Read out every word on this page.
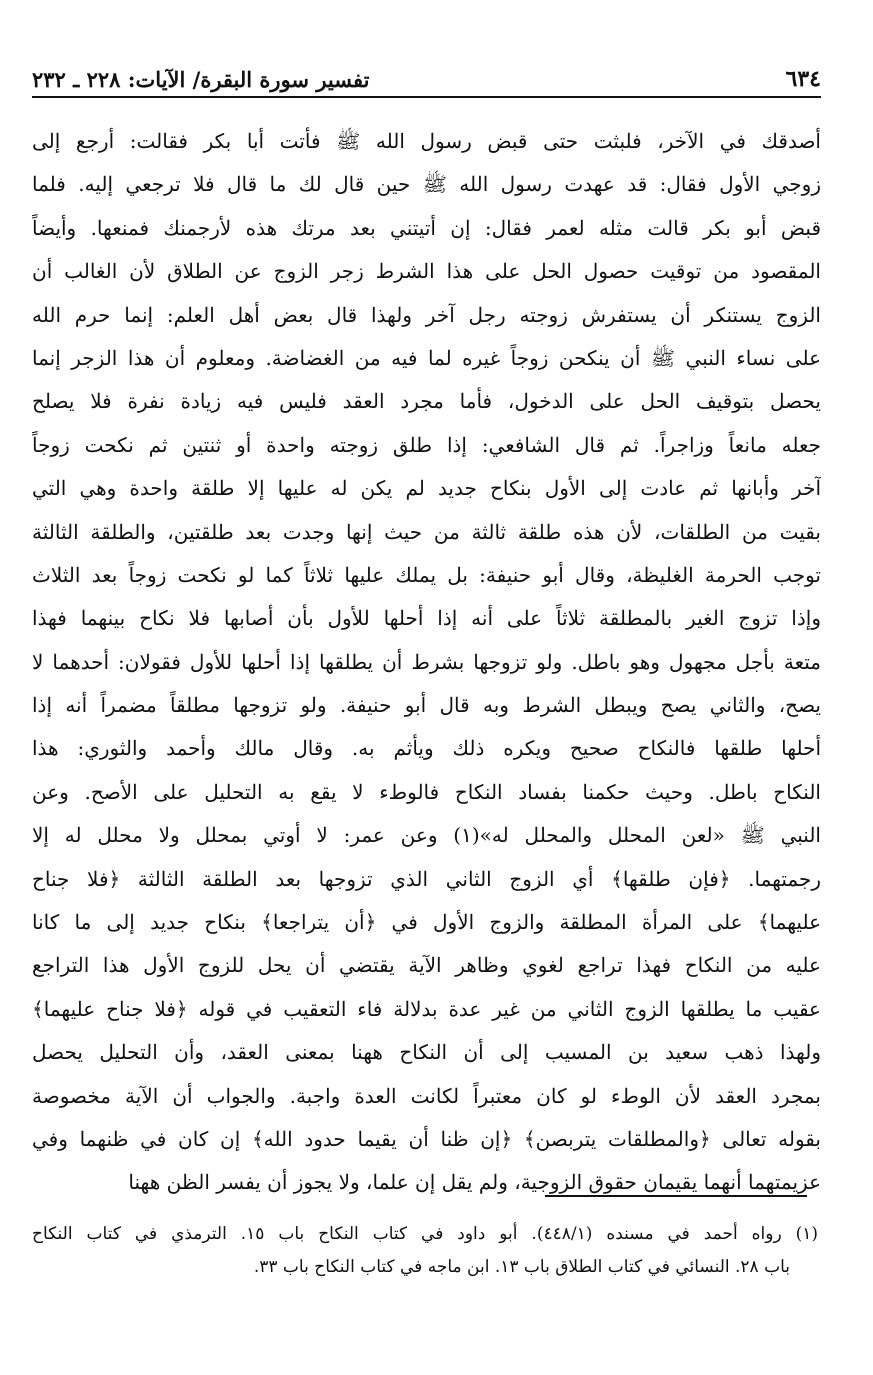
٦٣٤
تفسير سورة البقرة/ الآيات: ٢٢٨ ـ ٢٣٢
أصدقك في الآخر، فلبثت حتى قبض رسول الله ﷺ فأتت أبا بكر فقالت: أرجع إلى
زوجي الأول فقال: قد عهدت رسول الله ﷺ حين قال لك ما قال فلا ترجعي إليه. فلما
قبض أبو بكر قالت مثله لعمر فقال: إن أتيتني بعد مرتك هذه لأرجمنك فمنعها. وأيضاً
المقصود من توقيت حصول الحل على هذا الشرط زجر الزوج عن الطلاق لأن الغالب أن
الزوج يستنكر أن يستفرش زوجته رجل آخر ولهذا قال بعض أهل العلم: إنما حرم الله
على نساء النبي ﷺ أن ينكحن زوجاً غيره لما فيه من الغضاضة. ومعلوم أن هذا الزجر إنما
يحصل بتوقيف الحل على الدخول، فأما مجرد العقد فليس فيه زيادة نفرة فلا يصلح
جعله مانعاً وزاجراً. ثم قال الشافعي: إذا طلق زوجته واحدة أو ثنتين ثم نكحت زوجاً
آخر وأبانها ثم عادت إلى الأول بنكاح جديد لم يكن له عليها إلا طلقة واحدة وهي التي
بقيت من الطلقات، لأن هذه طلقة ثالثة من حيث إنها وجدت بعد طلقتين، والطلقة الثالثة
توجب الحرمة الغليظة، وقال أبو حنيفة: بل يملك عليها ثلاثاً كما لو نكحت زوجاً بعد الثلاث
وإذا تزوج الغير بالمطلقة ثلاثاً على أنه إذا أحلها للأول بأن أصابها فلا نكاح بينهما فهذا
متعة بأجل مجهول وهو باطل. ولو تزوجها بشرط أن يطلقها إذا أحلها للأول فقولان: أحدهما لا
يصح، والثاني يصح ويبطل الشرط وبه قال أبو حنيفة. ولو تزوجها مطلقاً مضمراً أنه إذا
أحلها طلقها فالنكاح صحيح ويكره ذلك ويأثم به. وقال مالك وأحمد والثوري: هذا
النكاح باطل. وحيث حكمنا بفساد النكاح فالوطء لا يقع به التحليل على الأصح. وعن
النبي ﷺ «لعن المحلل والمحلل له»(١) وعن عمر: لا أوتي بمحلل ولا محلل له إلا
رجمتهما. ﴿فإن طلقها﴾ أي الزوج الثاني الذي تزوجها بعد الطلقة الثالثة ﴿فلا جناح
عليهما﴾ على المرأة المطلقة والزوج الأول في ﴿أن يتراجعا﴾ بنكاح جديد إلى ما كانا
عليه من النكاح فهذا تراجع لغوي وظاهر الآية يقتضي أن يحل للزوج الأول هذا التراجع
عقيب ما يطلقها الزوج الثاني من غير عدة بدلالة فاء التعقيب في قوله ﴿فلا جناح عليهما﴾
ولهذا ذهب سعيد بن المسيب إلى أن النكاح ههنا بمعنى العقد، وأن التحليل يحصل
بمجرد العقد لأن الوطء لو كان معتبراً لكانت العدة واجبة. والجواب أن الآية مخصوصة
بقوله تعالى ﴿والمطلقات يتربصن﴾ ﴿إن ظنا أن يقيما حدود الله﴾ إن كان في ظنهما وفي
عزيمتهما أنهما يقيمان حقوق الزوجية، ولم يقل إن علما، ولا يجوز أن يفسر الظن ههنا
(١) رواه أحمد في مسنده (٤٤٨/١). أبو داود في كتاب النكاح باب ١٥. الترمذي في كتاب النكاح
باب ٢٨. النسائي في كتاب الطلاق باب ١٣. ابن ماجه في كتاب النكاح باب ٣٣.
